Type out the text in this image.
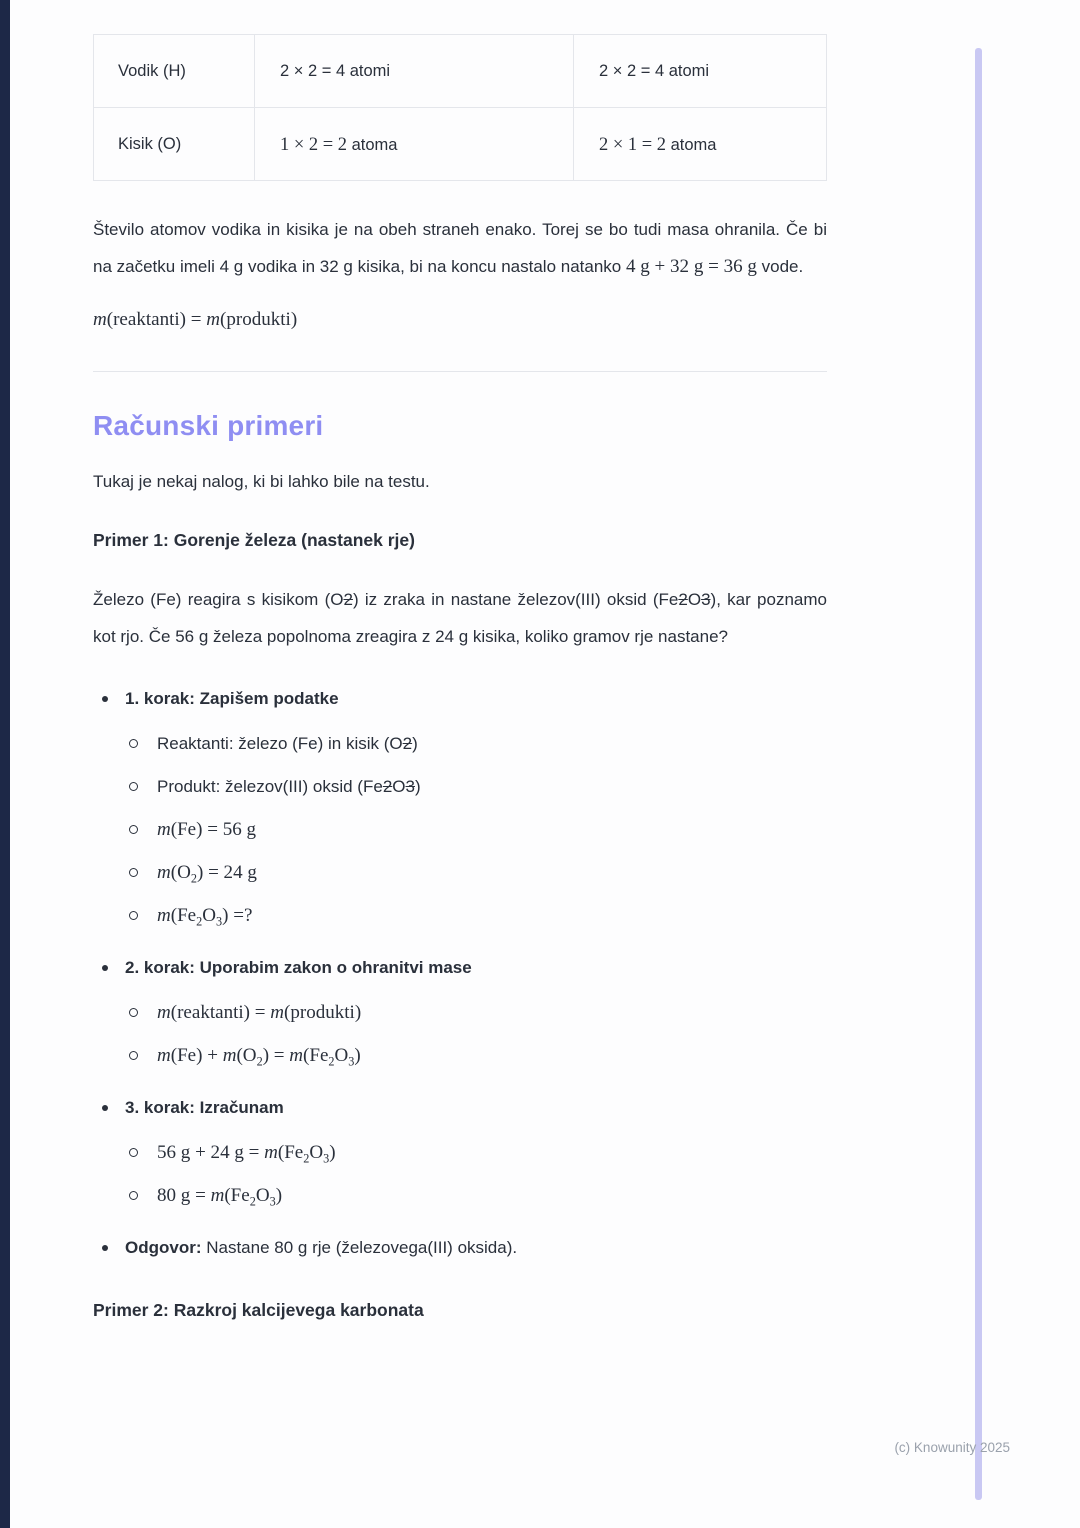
Vodik (H)	2 × 2 = 4 atomi	2 × 2 = 4 atomi
Kisik (O)	1 × 2 = 2 atoma	2 × 1 = 2 atoma

Število atomov vodika in kisika je na obeh straneh enako. Torej se bo tudi masa ohranila. Če bi na začetku imeli 4 g vodika in 32 g kisika, bi na koncu nastalo natanko 4 g + 32 g = 36 g vode.

m(reaktanti) = m(produkti)

Računski primeri

Tukaj je nekaj nalog, ki bi lahko bile na testu.

Primer 1: Gorenje železa (nastanek rje)

Železo (Fe) reagira s kisikom (O2) iz zraka in nastane železov(III) oksid (Fe2O3), kar poznamo kot rjo. Če 56 g železa popolnoma zreagira z 24 g kisika, koliko gramov rje nastane?

1. korak: Zapišem podatke
Reaktanti: železo (Fe) in kisik (O2)
Produkt: železov(III) oksid (Fe2O3)
m(Fe) = 56 g
$m(O_2) = 24$ g
$m(Fe_2O_3)$ =?
2. korak: Uporabim zakon o ohranitvi mase
m(reaktanti) = m(produkti)
$m(Fe) + m(O_2) = m(Fe_2O_3)$
3. korak: Izračunam
56 g + 24 $g = m(Fe_2O_3)$
80 $g = m(Fe_2O_3)$
Odgovor: Nastane 80 g rje (železovega(III) oksida).
Primer 2: Razkroj kalcijevega karbonata
(c) Knowunity 2025
